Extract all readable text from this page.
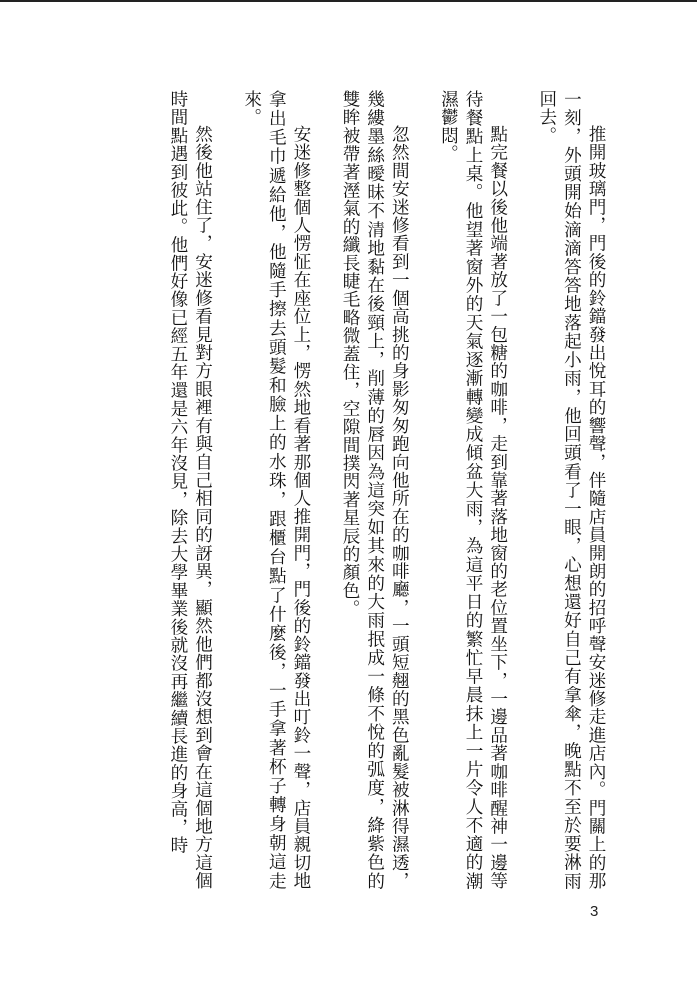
推開玻璃門，門後的鈴鐺發出悅耳的響聲，伴隨店員開朗的招呼聲安迷修走進店內。門關上的那一刻，外頭開始滴滴答答地落起小雨，他回頭看了一眼，心想還好自己有拿傘，晚點不至於要淋雨回去。

點完餐以後他端著放了一包糖的咖啡，走到靠著落地窗的老位置坐下，一邊品著咖啡醒神一邊等待餐點上桌。他望著窗外的天氣逐漸轉變成傾盆大雨，為這平日的繁忙早晨抹上一片令人不適的潮濕鬱悶。

忽然間安迷修看到一個高挑的身影匆匆跑向他所在的咖啡廳，一頭短翹的黑色亂髮被淋得濕透，幾縷墨絲曖昧不清地黏在後頸上，削薄的唇因為這突如其來的大雨抿成一條不悅的弧度，絳紫色的雙眸被帶著溼氣的纖長睫毛略微蓋住，空隙間撲閃著星辰的顏色。

安迷修整個人愣怔在座位上，愣然地看著那個人推開門，門後的鈴鐺發出叮鈴一聲，店員親切地拿出毛巾遞給他，他隨手擦去頭髮和臉上的水珠，跟櫃台點了什麼後，一手拿著杯子轉身朝這走來。

然後他站住了，安迷修看見對方眼裡有與自己相同的訝異，顯然他們都沒想到會在這個地方這個時間點遇到彼此。他們好像已經五年還是六年沒見，除去大學畢業後就沒再繼續長進的身高，時

3
